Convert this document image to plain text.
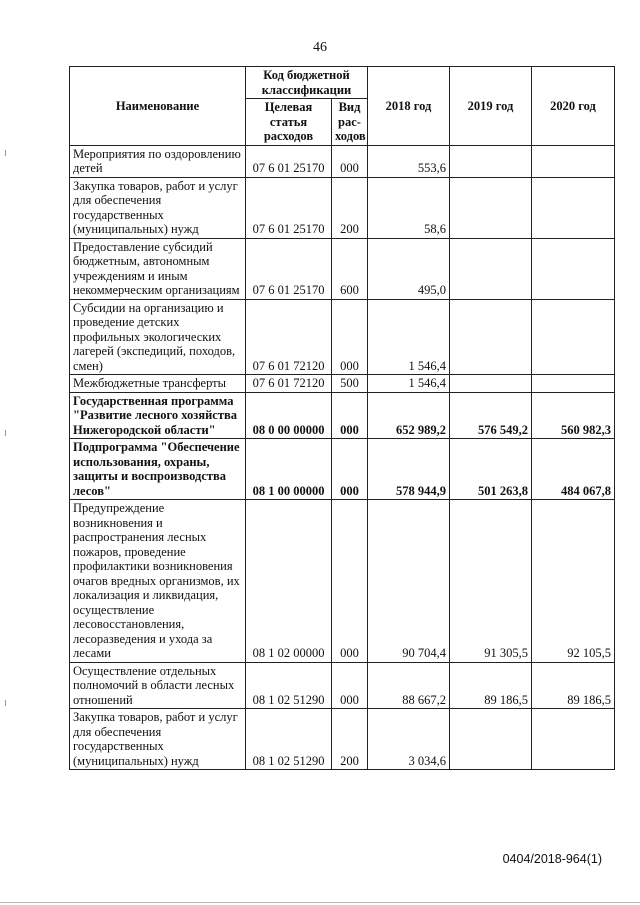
46
Наименование	Код бюджетной классификации		2018 год	2019 год	2020 год
	Целевая статья расходов	Вид рас-ходов			
Мероприятия по оздоровлению детей	07 6 01 25170	000	553,6		
Закупка товаров, работ и услуг для обеспечения государственных (муниципальных) нужд	07 6 01 25170	200	58,6		
Предоставление субсидий бюджетным, автономным учреждениям и иным некоммерческим организациям	07 6 01 25170	600	495,0		
Субсидии на организацию и проведение детских профильных экологических лагерей (экспедиций, походов, смен)	07 6 01 72120	000	1 546,4		
Межбюджетные трансферты	07 6 01 72120	500	1 546,4		
Государственная программа "Развитие лесного хозяйства Нижегородской области"	08 0 00 00000	000	652 989,2	576 549,2	560 982,3
Подпрограмма "Обеспечение использования, охраны, защиты и воспроизводства лесов"	08 1 00 00000	000	578 944,9	501 263,8	484 067,8
Предупреждение возникновения и распространения лесных пожаров, проведение профилактики возникновения очагов вредных организмов, их локализация и ликвидация, осуществление лесовосстановления, лесоразведения и ухода за лесами	08 1 02 00000	000	90 704,4	91 305,5	92 105,5
Осуществление отдельных полномочий в области лесных отношений	08 1 02 51290	000	88 667,2	89 186,5	89 186,5
Закупка товаров, работ и услуг для обеспечения государственных (муниципальных) нужд	08 1 02 51290	200	3 034,6		
0404/2018-964(1)
